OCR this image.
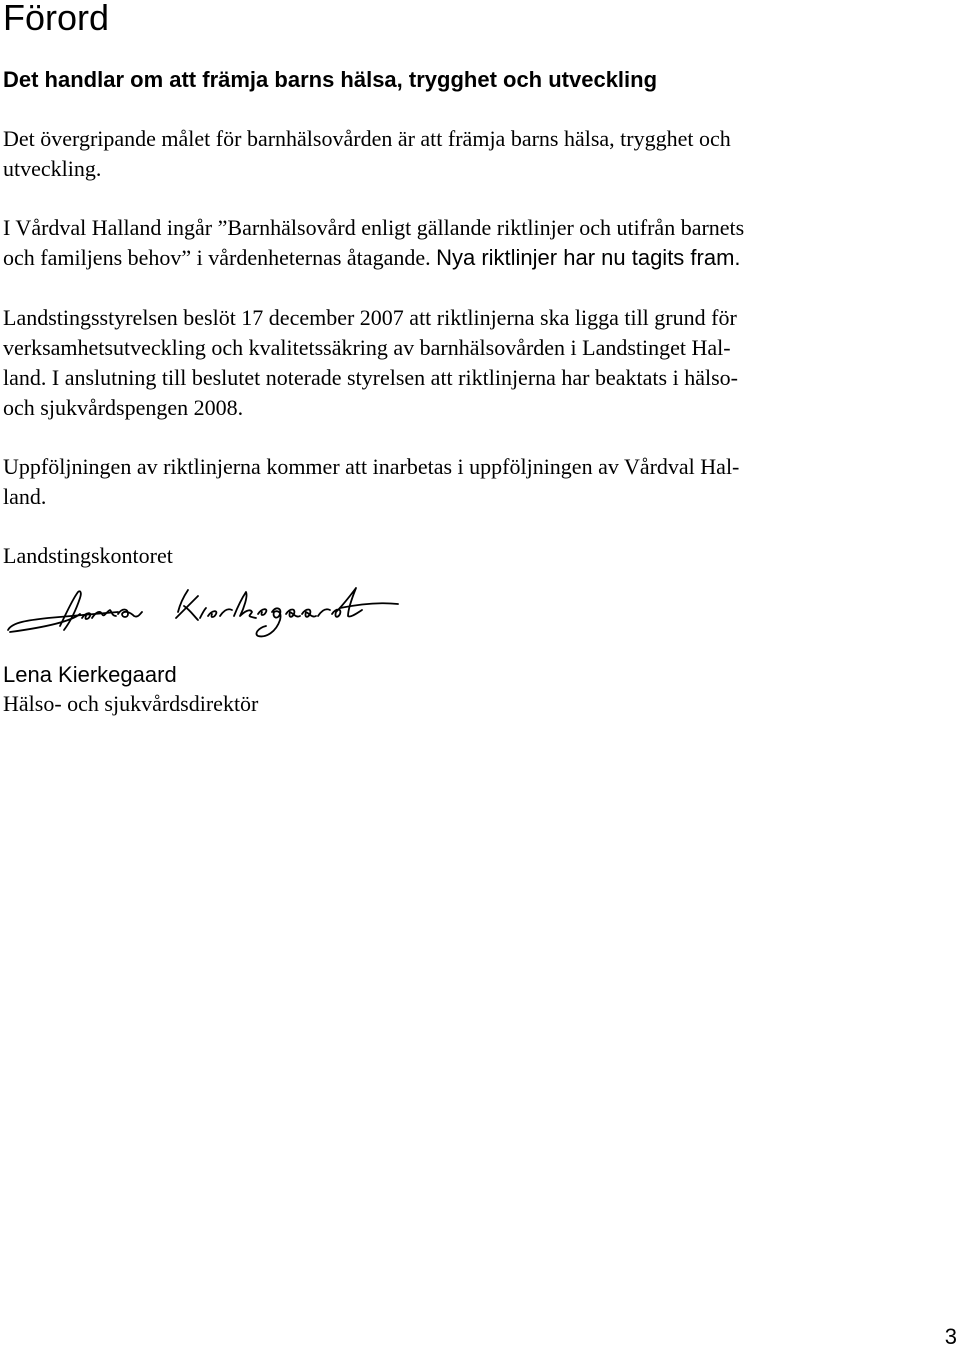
Förord
Det handlar om att främja barns hälsa, trygghet och utveckling

Det övergripande målet för barnhälsovården är att främja barns hälsa, trygghet och
utveckling.

I Vårdval Halland ingår ”Barnhälsovård enligt gällande riktlinjer och utifrån barnets
och familjens behov” i vårdenheternas åtagande. Nya riktlinjer har nu tagits fram.

Landstingsstyrelsen beslöt 17 december 2007 att riktlinjerna ska ligga till grund för
verksamhetsutveckling och kvalitetssäkring av barnhälsovården i Landstinget Hal-
land. I anslutning till beslutet noterade styrelsen att riktlinjerna har beaktats i hälso-
och sjukvårdspengen 2008.

Uppföljningen av riktlinjerna kommer att inarbetas i uppföljningen av Vårdval Hal-
land.

Landstingskontoret

Lena Kierkegaard

Hälso- och sjukvårdsdirektör

3
